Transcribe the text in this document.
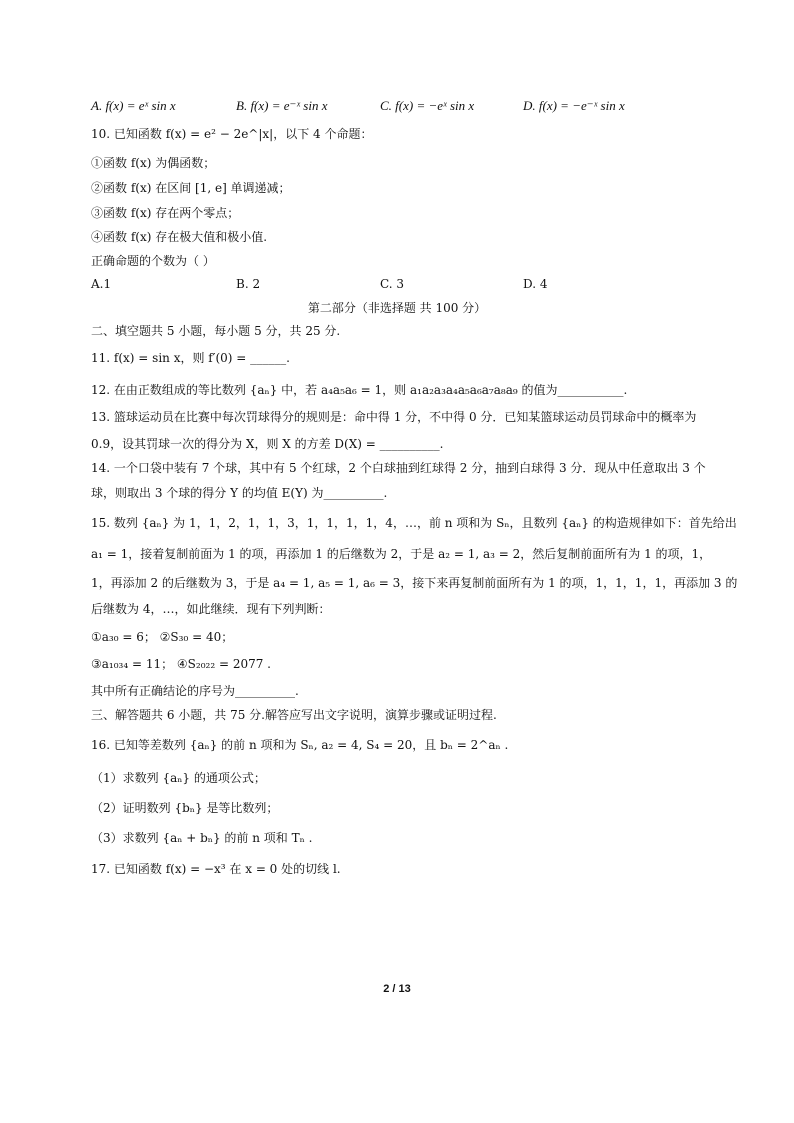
A. f(x) = eˣ sin x	B. f(x) = e⁻ˣ sin x	C. f(x) = −eˣ sin x	D. f(x) = −e⁻ˣ sin x
10. 已知函数 f(x) = e² − 2e^|x|，以下 4 个命题：
①函数 f(x) 为偶函数；
②函数 f(x) 在区间 [1, e] 单调递减；
③函数 f(x) 存在两个零点；
④函数 f(x) 存在极大值和极小值.
正确命题的个数为（ ）
A.1	B. 2	C. 3	D. 4
第二部分（非选择题 共 100 分）
二、填空题共 5 小题，每小题 5 分，共 25 分.
11. f(x) = sin x，则 f′(0) = ______.
12. 在由正数组成的等比数列 {aₙ} 中，若 a₄a₅a₆ = 1，则 a₁a₂a₃a₄a₅a₆a₇a₈a₉ 的值为___________.
13. 篮球运动员在比赛中每次罚球得分的规则是：命中得 1 分，不中得 0 分．已知某篮球运动员罚球命中的概率为
0.9，设其罚球一次的得分为 X，则 X 的方差 D(X) = __________.
14. 一个口袋中装有 7 个球，其中有 5 个红球，2 个白球抽到红球得 2 分，抽到白球得 3 分．现从中任意取出 3 个
球，则取出 3 个球的得分 Y 的均值 E(Y) 为__________.
15. 数列 {aₙ} 为 1，1，2，1，1，3，1，1，1，1，4，…，前 n 项和为 Sₙ，且数列 {aₙ} 的构造规律如下：首先给出
a₁ = 1，接着复制前面为 1 的项，再添加 1 的后继数为 2，于是 a₂ = 1, a₃ = 2，然后复制前面所有为 1 的项，1，
1，再添加 2 的后继数为 3，于是 a₄ = 1, a₅ = 1, a₆ = 3，接下来再复制前面所有为 1 的项，1，1，1，1，再添加 3 的
后继数为 4，…，如此继续．现有下列判断：
①a₃₀ = 6； ②S₃₀ = 40；
③a₁₀₃₄ = 11； ④S₂₀₂₂ = 2077 .
其中所有正确结论的序号为__________.
三、解答题共 6 小题，共 75 分.解答应写出文字说明，演算步骤或证明过程.
16. 已知等差数列 {aₙ} 的前 n 项和为 Sₙ, a₂ = 4, S₄ = 20，且 bₙ = 2^aₙ .
（1）求数列 {aₙ} 的通项公式；
（2）证明数列 {bₙ} 是等比数列；
（3）求数列 {aₙ + bₙ} 的前 n 项和 Tₙ .
17. 已知函数 f(x) = −x³ 在 x = 0 处的切线 l.
2 / 13
